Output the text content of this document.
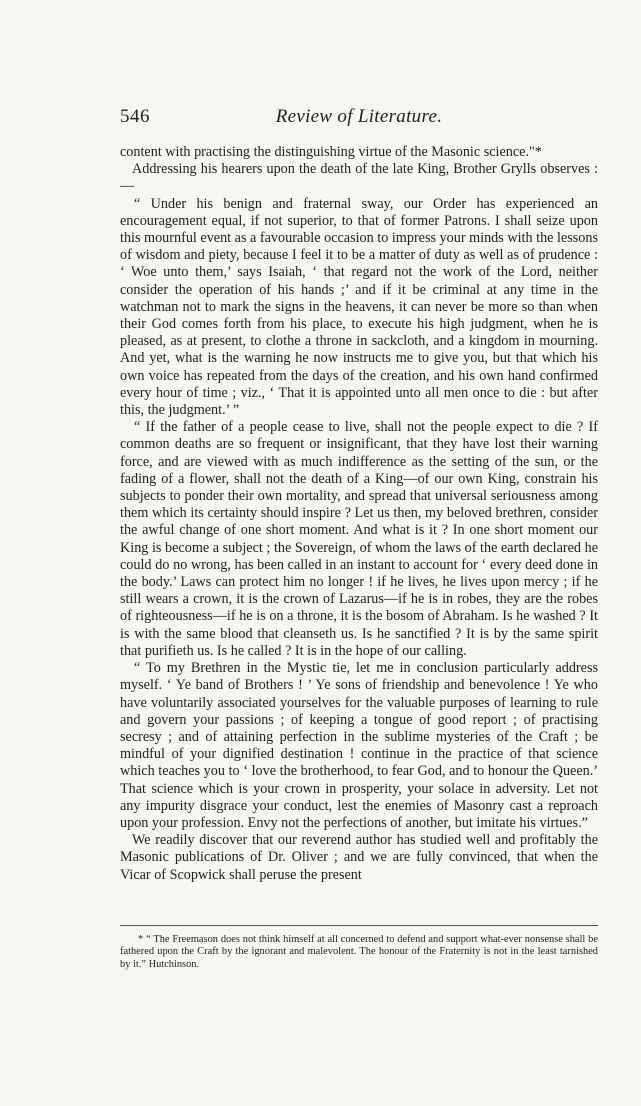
546	Review of Literature.

content with practising the distinguishing virtue of the Masonic science."*

Addressing his hearers upon the death of the late King, Brother Grylls observes :—

“ Under his benign and fraternal sway, our Order has experienced an encouragement equal, if not superior, to that of former Patrons. I shall seize upon this mournful event as a favourable occasion to impress your minds with the lessons of wisdom and piety, because I feel it to be a matter of duty as well as of prudence : ‘ Woe unto them,’ says Isaiah, ‘ that regard not the work of the Lord, neither consider the operation of his hands ;’ and if it be criminal at any time in the watchman not to mark the signs in the heavens, it can never be more so than when their God comes forth from his place, to execute his high judgment, when he is pleased, as at present, to clothe a throne in sackcloth, and a kingdom in mourning. And yet, what is the warning he now instructs me to give you, but that which his own voice has repeated from the days of the creation, and his own hand confirmed every hour of time ; viz., ‘ That it is appointed unto all men once to die : but after this, the judgment.’ ”

“ If the father of a people cease to live, shall not the people expect to die ? If common deaths are so frequent or insignificant, that they have lost their warning force, and are viewed with as much indifference as the setting of the sun, or the fading of a flower, shall not the death of a King—of our own King, constrain his subjects to ponder their own mortality, and spread that universal seriousness among them which its certainty should inspire ? Let us then, my beloved brethren, consider the awful change of one short moment. And what is it ? In one short moment our King is become a subject ; the Sovereign, of whom the laws of the earth declared he could do no wrong, has been called in an instant to account for ‘ every deed done in the body.’ Laws can protect him no longer ! if he lives, he lives upon mercy ; if he still wears a crown, it is the crown of Lazarus—if he is in robes, they are the robes of righteousness—if he is on a throne, it is the bosom of Abraham. Is he washed ? It is with the same blood that cleanseth us. Is he sanctified ? It is by the same spirit that purifieth us. Is he called ? It is in the hope of our calling.

“ To my Brethren in the Mystic tie, let me in conclusion particularly address myself. ‘ Ye band of Brothers ! ’ Ye sons of friendship and benevolence ! Ye who have voluntarily associated yourselves for the valuable purposes of learning to rule and govern your passions ; of keeping a tongue of good report ; of practising secresy ; and of attaining perfection in the sublime mysteries of the Craft ; be mindful of your dignified destination ! continue in the practice of that science which teaches you to ‘ love the brotherhood, to fear God, and to honour the Queen.’ That science which is your crown in prosperity, your solace in adversity. Let not any impurity disgrace your conduct, lest the enemies of Masonry cast a reproach upon your profession. Envy not the perfections of another, but imitate his virtues.”

We readily discover that our reverend author has studied well and profitably the Masonic publications of Dr. Oliver ; and we are fully convinced, that when the Vicar of Scopwick shall peruse the present

* “ The Freemason does not think himself at all concerned to defend and support what-ever nonsense shall be fathered upon the Craft by the ignorant and malevolent. The honour of the Fraternity is not in the least tarnished by it.” Hutchinson.
